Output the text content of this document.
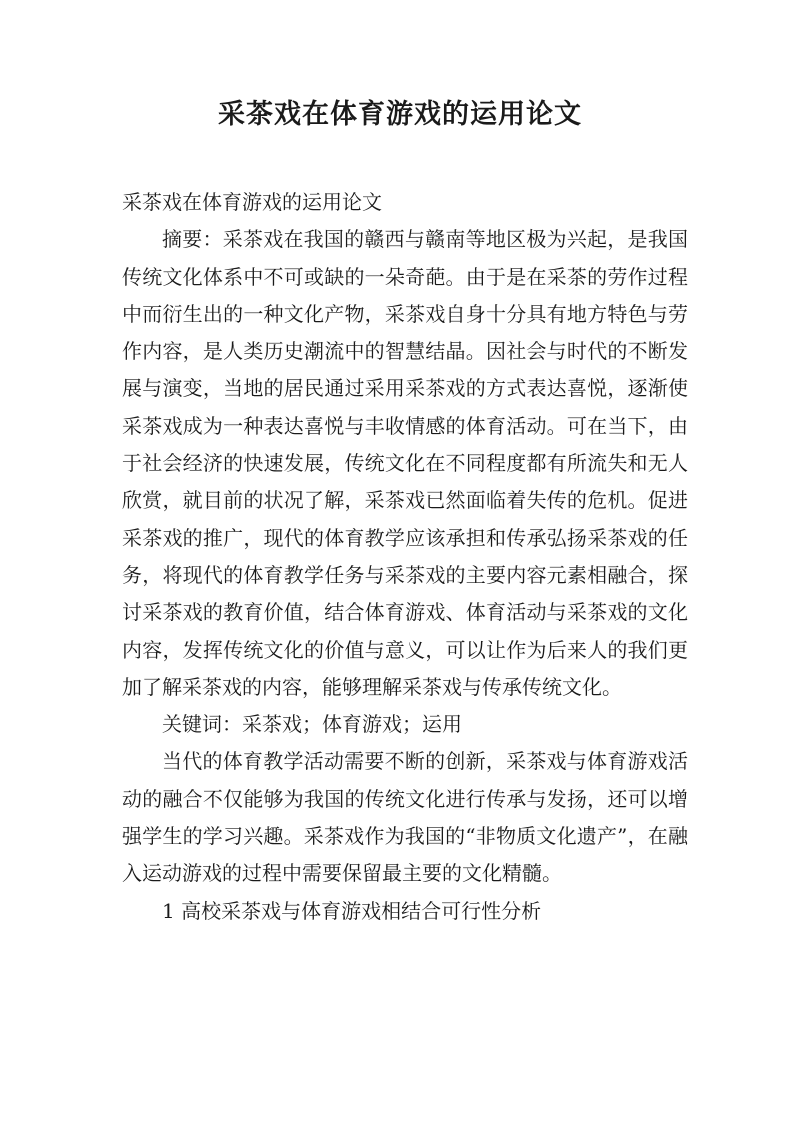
采茶戏在体育游戏的运用论文

采茶戏在体育游戏的运用论文

摘要：采茶戏在我国的赣西与赣南等地区极为兴起，是我国传统文化体系中不可或缺的一朵奇葩。由于是在采茶的劳作过程中而衍生出的一种文化产物，采茶戏自身十分具有地方特色与劳作内容，是人类历史潮流中的智慧结晶。因社会与时代的不断发展与演变，当地的居民通过采用采茶戏的方式表达喜悦，逐渐使采茶戏成为一种表达喜悦与丰收情感的体育活动。可在当下，由于社会经济的快速发展，传统文化在不同程度都有所流失和无人欣赏，就目前的状况了解，采茶戏已然面临着失传的危机。促进采茶戏的推广，现代的体育教学应该承担和传承弘扬采茶戏的任务，将现代的体育教学任务与采茶戏的主要内容元素相融合，探讨采茶戏的教育价值，结合体育游戏、体育活动与采茶戏的文化内容，发挥传统文化的价值与意义，可以让作为后来人的我们更加了解采茶戏的内容，能够理解采茶戏与传承传统文化。

关键词：采茶戏；体育游戏；运用

当代的体育教学活动需要不断的创新，采茶戏与体育游戏活动的融合不仅能够为我国的传统文化进行传承与发扬，还可以增强学生的学习兴趣。采茶戏作为我国的“非物质文化遗产”，在融入运动游戏的过程中需要保留最主要的文化精髓。

1 高校采茶戏与体育游戏相结合可行性分析
